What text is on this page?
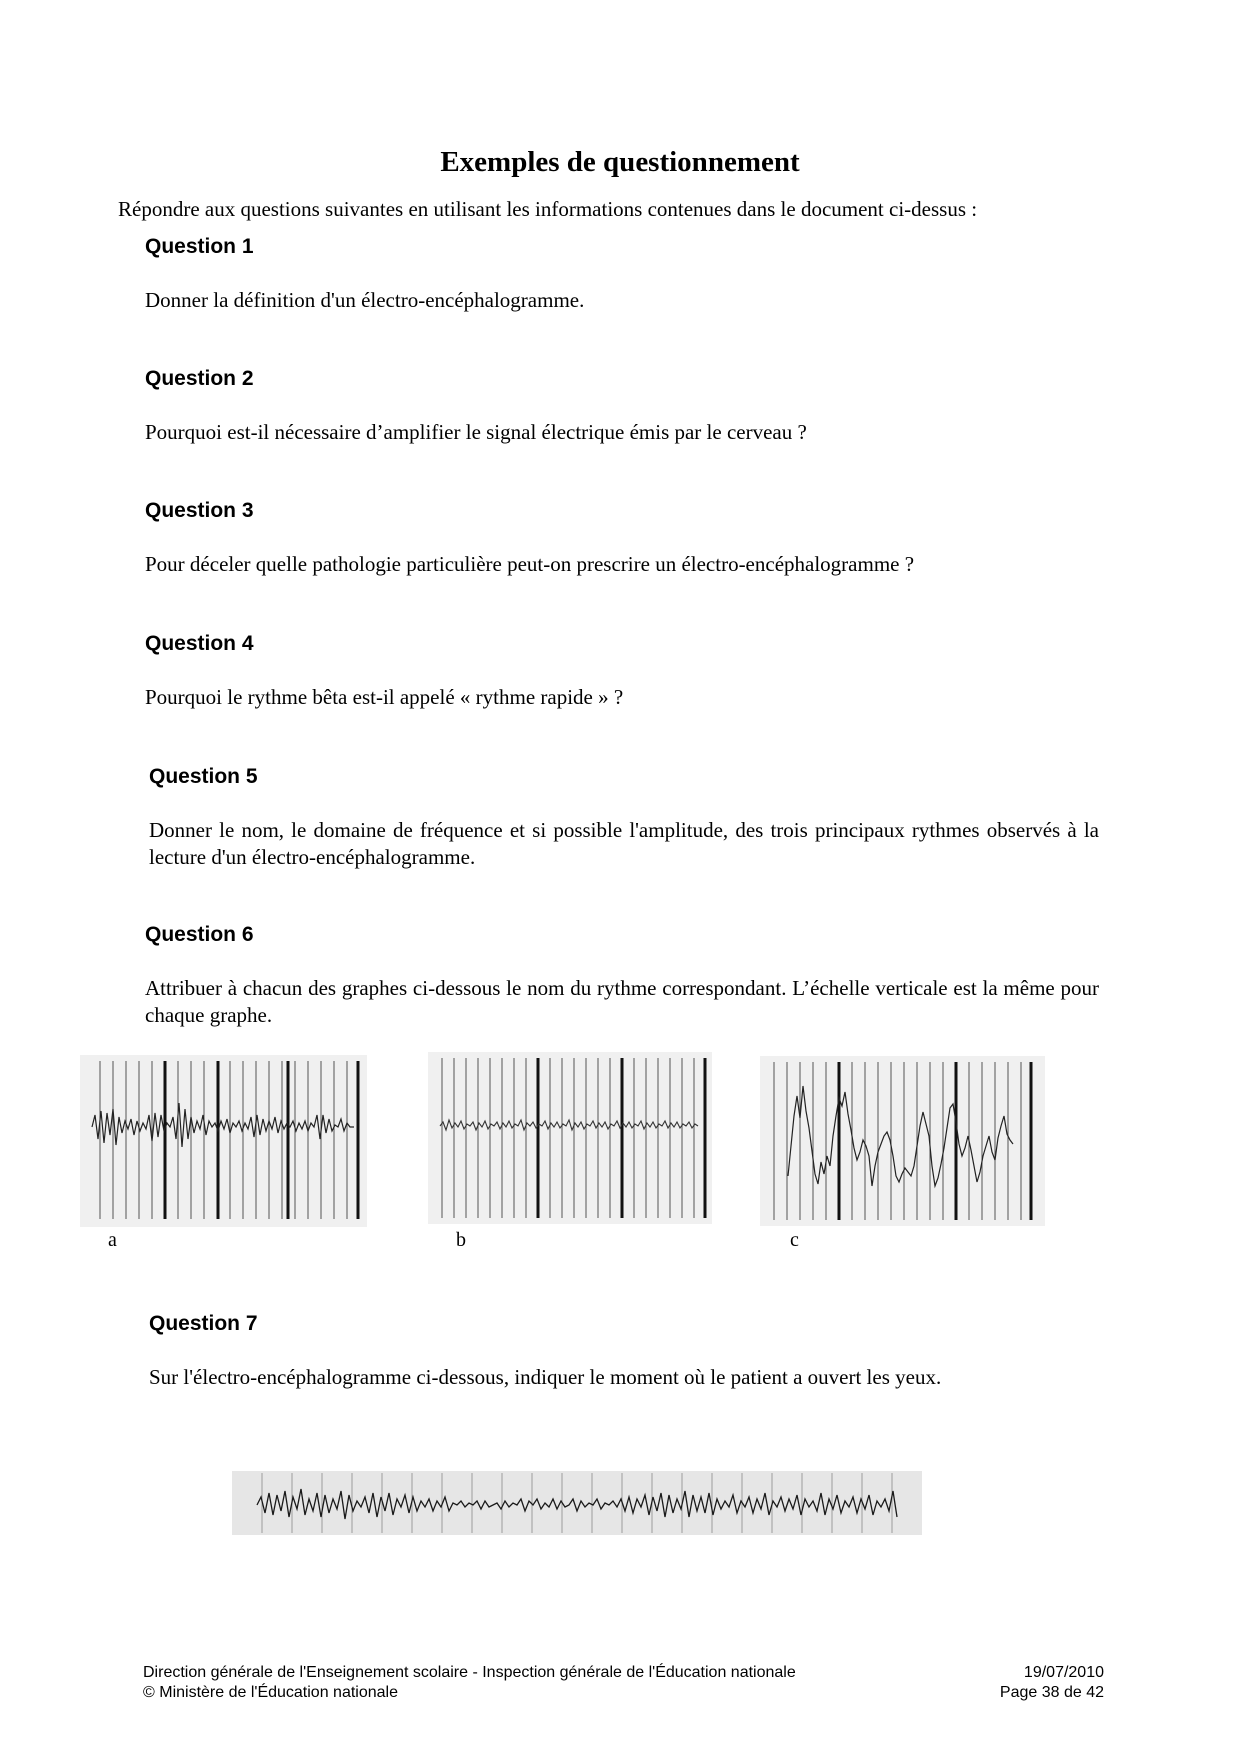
Exemples de questionnement
Répondre aux questions suivantes en utilisant les informations contenues dans le document ci-dessus :
Question 1
Donner la définition d'un électro-encéphalogramme.
Question 2
Pourquoi est-il nécessaire d’amplifier le signal électrique émis par le cerveau ?
Question 3
Pour déceler quelle pathologie particulière peut-on prescrire un électro-encéphalogramme ?
Question 4
Pourquoi le rythme bêta est-il appelé « rythme rapide » ?
Question 5
Donner le nom, le domaine de fréquence et si possible l'amplitude, des trois principaux rythmes observés à la lecture d'un électro-encéphalogramme.
Question 6
Attribuer à chacun des graphes ci-dessous le nom du rythme correspondant. L’échelle verticale est la même pour chaque graphe.
a	b	c
Question 7
Sur l'électro-encéphalogramme ci-dessous, indiquer le moment où le patient a ouvert les yeux.
Direction générale de l'Enseignement scolaire - Inspection générale de l'Éducation nationale
© Ministère de l'Éducation nationale
19/07/2010
Page 38 de 42
